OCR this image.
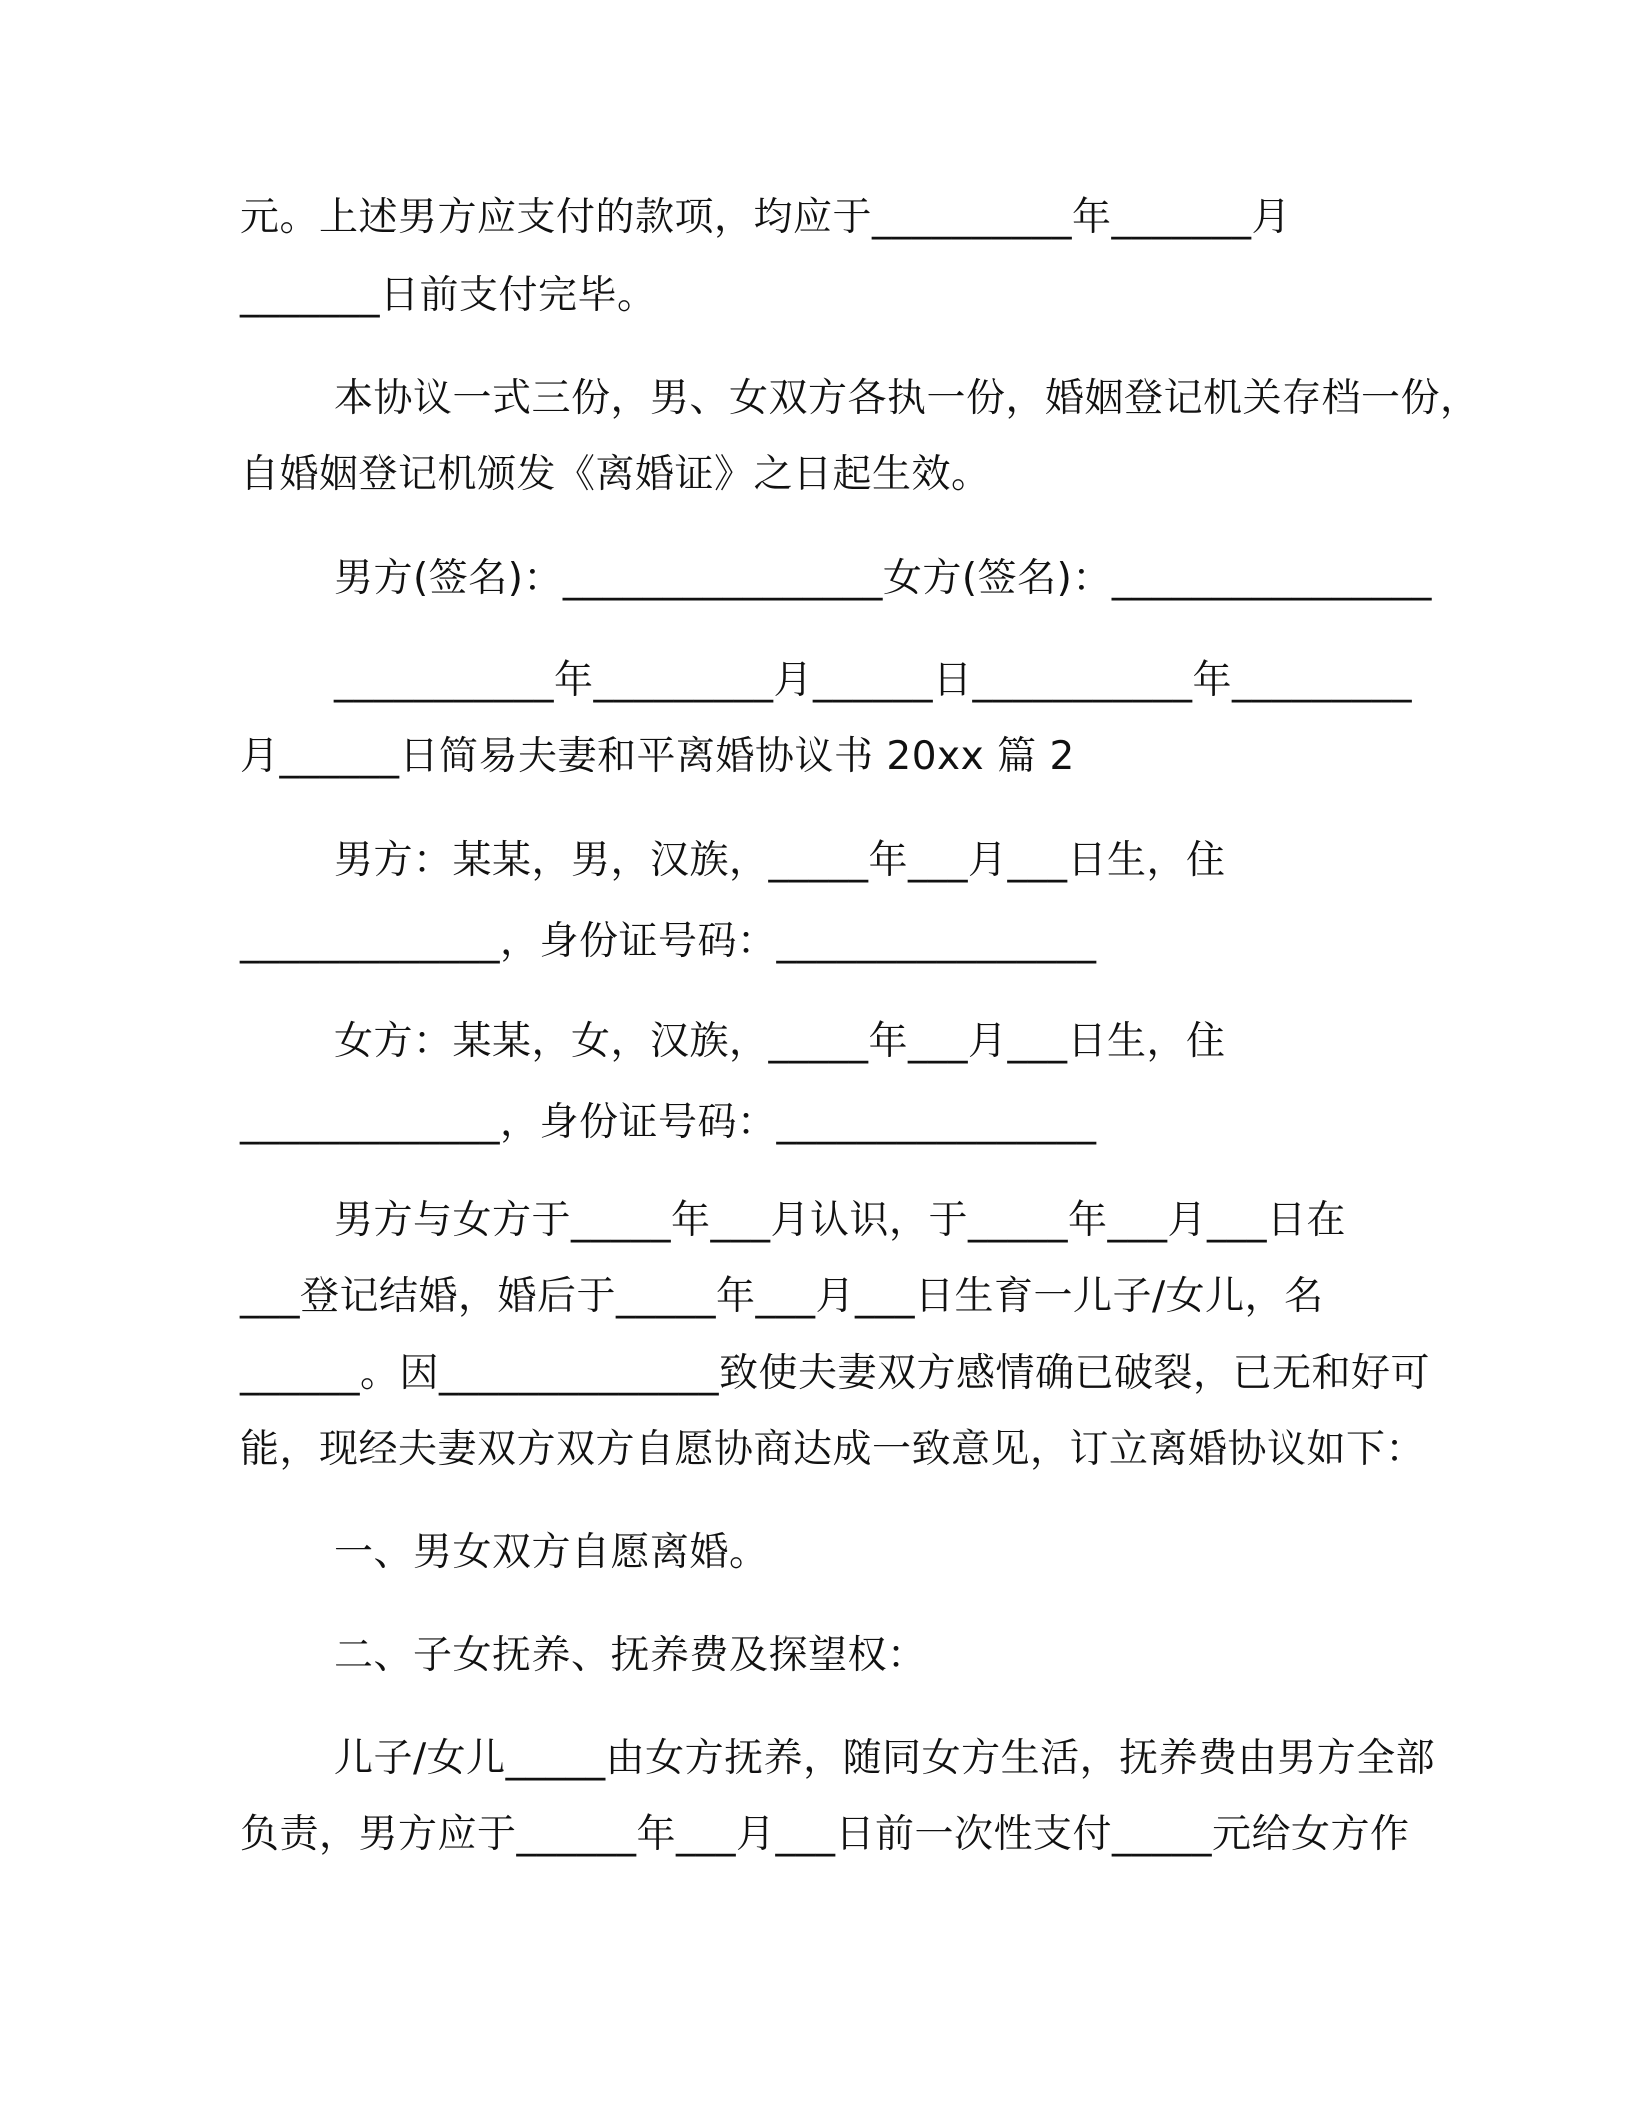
元。上述男方应支付的款项，均应于__________年_______月
_______日前支付完毕。
本协议一式三份，男、女双方各执一份，婚姻登记机关存档一份，
自婚姻登记机颁发《离婚证》之日起生效。
男方(签名)：________________女方(签名)：________________
___________年_________月______日___________年_________
月______日简易夫妻和平离婚协议书 20xx 篇 2
男方：某某，男，汉族，_____年___月___日生，住
_____________，身份证号码：________________
女方：某某，女，汉族，_____年___月___日生，住
_____________，身份证号码：________________
男方与女方于_____年___月认识，于_____年___月___日在
___登记结婚，婚后于_____年___月___日生育一儿子/女儿，名
______。因______________致使夫妻双方感情确已破裂，已无和好可
能，现经夫妻双方双方自愿协商达成一致意见，订立离婚协议如下：
一、男女双方自愿离婚。
二、子女抚养、抚养费及探望权：
儿子/女儿_____由女方抚养，随同女方生活，抚养费由男方全部
负责，男方应于______年___月___日前一次性支付_____元给女方作
